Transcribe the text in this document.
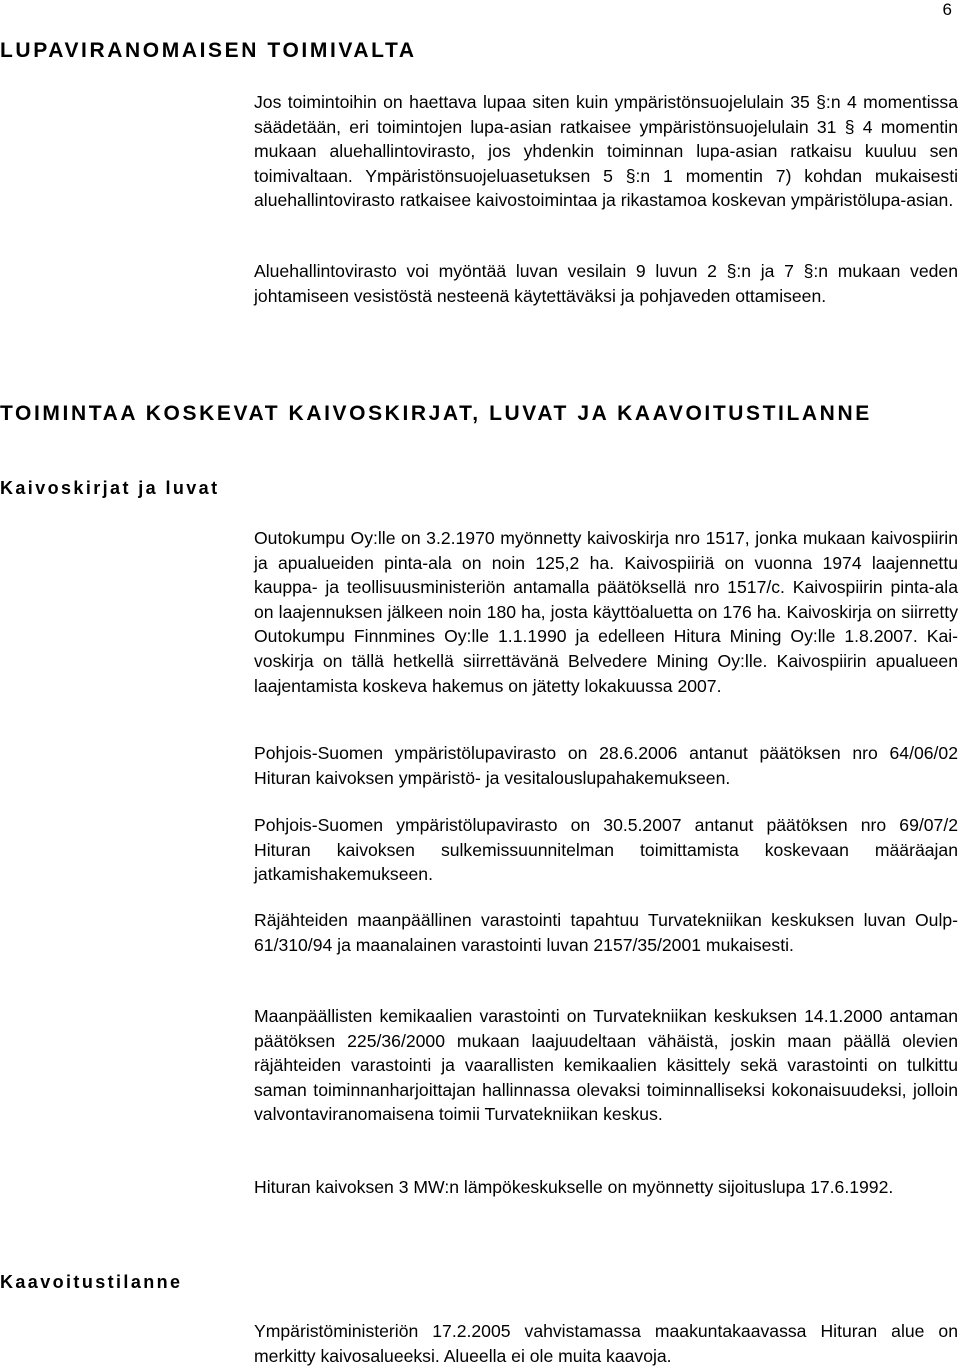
6
LUPAVIRANOMAISEN TOIMIVALTA

Jos toimintoihin on haettava lupaa siten kuin ympäristönsuojelulain 35 §:n 4 momentissa säädetään, eri toimintojen lupa-asian ratkaisee ympäristönsuojelulain 31 § 4 momentin mukaan aluehallintovirasto, jos yhdenkin toiminnan lupa-asian ratkaisu kuuluu sen toimivaltaan. Ympäristönsuojeluasetuksen 5 §:n 1 momentin 7) kohdan mukaisesti aluehallintovirasto ratkaisee kaivostoimintaa ja rikastamoa koskevan ympäristölupa-asian.

Aluehallintovirasto voi myöntää luvan vesilain 9 luvun 2 §:n ja 7 §:n mukaan veden johtamiseen vesistöstä nesteenä käytettäväksi ja pohjaveden ottamiseen.

TOIMINTAA KOSKEVAT KAIVOSKIRJAT, LUVAT JA KAAVOITUSTILANNE
Kaivoskirjat ja luvat

Outokumpu Oy:lle on 3.2.1970 myönnetty kaivoskirja nro 1517, jonka mukaan kaivospiirin ja apualueiden pinta-ala on noin 125,2 ha. Kaivospiiriä on vuonna 1974 laajennettu kauppa- ja teollisuusministeriön antamalla päätöksellä nro 1517/c. Kaivospiirin pinta-ala on laajennuksen jälkeen noin 180 ha, josta käyttöaluetta on 176 ha. Kaivoskirja on siirretty Outokumpu Finnmines Oy:lle 1.1.1990 ja edelleen Hitura Mining Oy:lle 1.8.2007. Kaivoskirja on tällä hetkellä siirrettävänä Belvedere Mining Oy:lle. Kaivospiirin apualueen laajentamista koskeva hakemus on jätetty lokakuussa 2007.

Pohjois-Suomen ympäristölupavirasto on 28.6.2006 antanut päätöksen nro 64/06/02 Hituran kaivoksen ympäristö- ja vesitalouslupahakemukseen.

Pohjois-Suomen ympäristölupavirasto on 30.5.2007 antanut päätöksen nro 69/07/2 Hituran kaivoksen sulkemissuunnitelman toimittamista koskevaan määräajan jatkamishakemukseen.

Räjähteiden maanpäällinen varastointi tapahtuu Turvatekniikan keskuksen luvan Oulp-61/310/94 ja maanalainen varastointi luvan 2157/35/2001 mukaisesti.

Maanpäällisten kemikaalien varastointi on Turvatekniikan keskuksen 14.1.2000 antaman päätöksen 225/36/2000 mukaan laajuudeltaan vähäistä, joskin maan päällä olevien räjähteiden varastointi ja vaarallisten kemikaalien käsittely sekä varastointi on tulkittu saman toiminnanharjoittajan hallinnassa olevaksi toiminnalliseksi kokonaisuudeksi, jolloin valvontaviranomaisena toimii Turvatekniikan keskus.

Hituran kaivoksen 3 MW:n lämpökeskukselle on myönnetty sijoituslupa 17.6.1992.

Kaavoitustilanne

Ympäristöministeriön 17.2.2005 vahvistamassa maakuntakaavassa Hituran alue on merkitty kaivosalueeksi. Alueella ei ole muita kaavoja.
